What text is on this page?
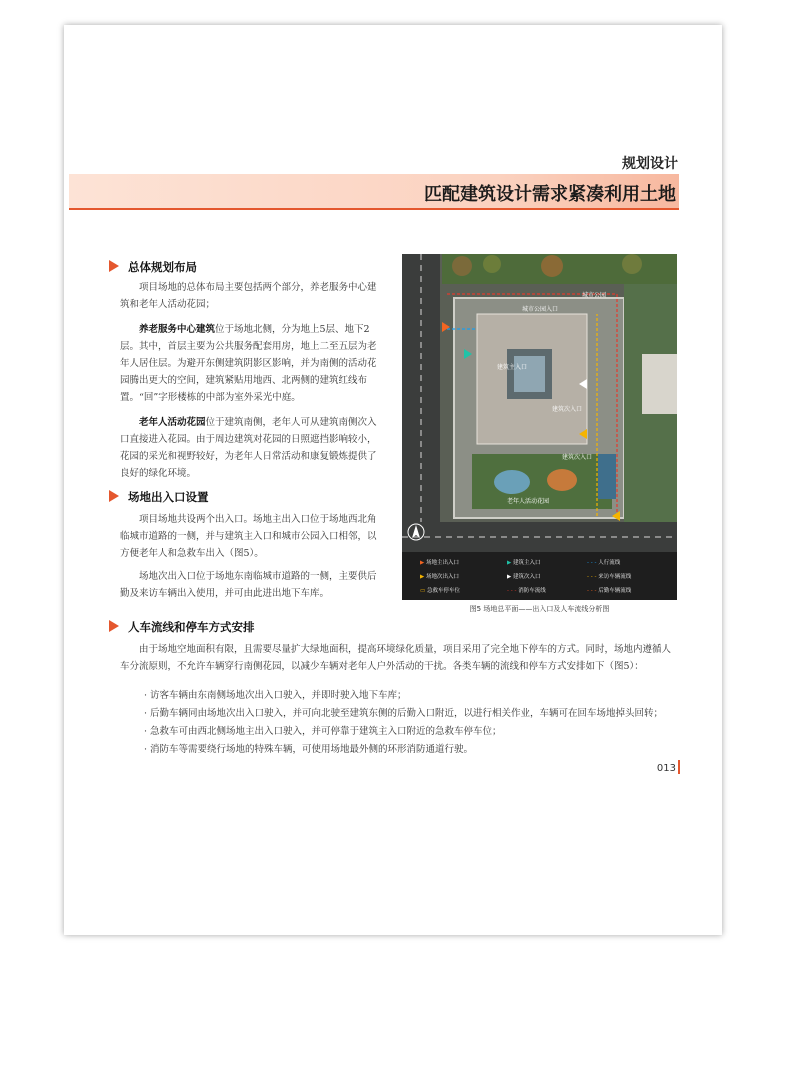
规划设计
匹配建筑设计需求紧凑利用土地
总体规划布局
项目场地的总体布局主要包括两个部分，养老服务中心建筑和老年人活动花园；
养老服务中心建筑位于场地北侧，分为地上5层、地下2层。其中，首层主要为公共服务配套用房，地上二至五层为老年人居住层。为避开东侧建筑阴影区影响，并为南侧的活动花园腾出更大的空间，建筑紧贴用地西、北两侧的建筑红线布置。“回”字形楼栋的中部为室外采光中庭。
老年人活动花园位于建筑南侧，老年人可从建筑南侧次入口直接进入花园。由于周边建筑对花园的日照遮挡影响较小，花园的采光和视野较好，为老年人日常活动和康复锻炼提供了良好的绿化环境。
场地出入口设置
项目场地共设两个出入口。场地主出入口位于场地西北角临城市道路的一侧，并与建筑主入口和城市公园入口相邻，以方便老年人和急救车出入（图5）。
场地次出入口位于场地东南临城市道路的一侧，主要供后勤及来访车辆出入使用，并可由此进出地下车库。
人车流线和停车方式安排
由于场地空地面积有限，且需要尽量扩大绿地面积，提高环境绿化质量，项目采用了完全地下停车的方式。同时，场地内遵循人车分流原则，不允许车辆穿行南侧花园，以减少车辆对老年人户外活动的干扰。各类车辆的流线和停车方式安排如下（图5）：
· 访客车辆由东南侧场地次出入口驶入，并即时驶入地下车库；
· 后勤车辆同由场地次出入口驶入，并可向北驶至建筑东侧的后勤入口附近，以进行相关作业，车辆可在回车场地掉头回转；
· 急救车可由西北侧场地主出入口驶入，并可停靠于建筑主入口附近的急救车停车位；
· 消防车等需要绕行场地的特殊车辆，可使用场地最外侧的环形消防通道行驶。
城市公园
城市公园入口
建筑主入口
建筑次入口
建筑次入口
老年人活动花园
▶ 场地主出入口
▶ 场地次出入口
▭ 急救车停车位
▶ 建筑主入口
▶ 建筑次入口
- - - 消防车流线
- - - 人行流线
- - - 来访车辆流线
- - - 后勤车辆流线
图5 场地总平面——出入口及人车流线分析图
013
